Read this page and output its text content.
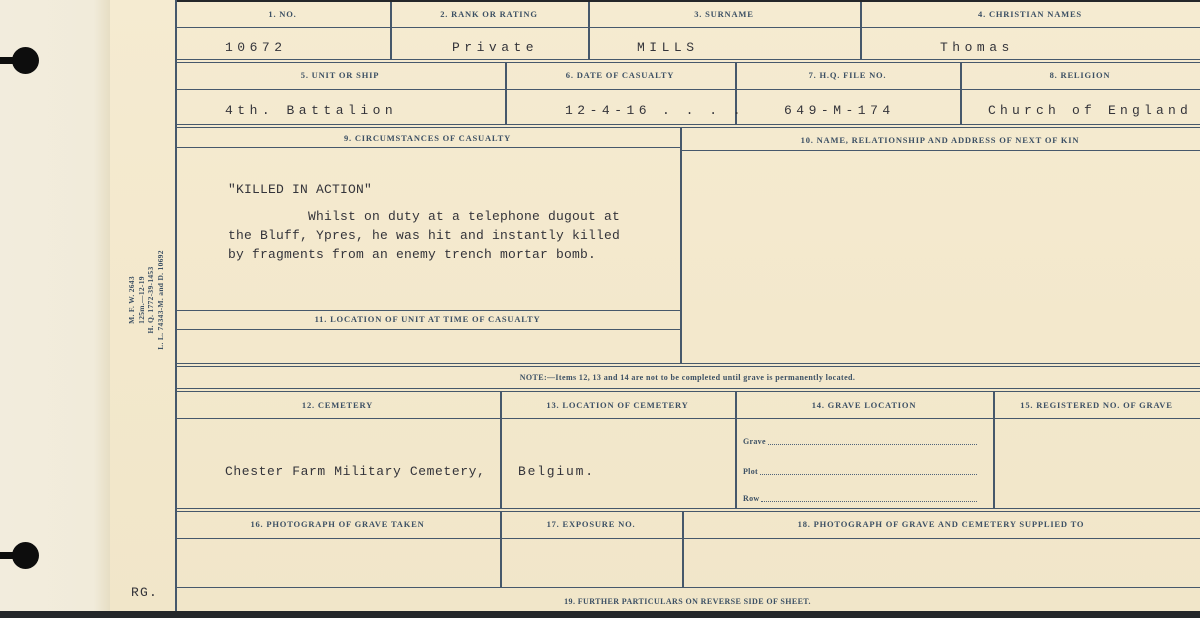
M. F. W. 2643 125m.—12-19 H. Q. 1772-39-1453 L. L. 74343-M. and D. 10692
RG.
1. NO.	2. RANK OR RATING	3. SURNAME	4. CHRISTIAN NAMES
10672	Private	MILLS	Thomas
5. UNIT OR SHIP	6. DATE OF CASUALTY	7. H.Q. FILE NO.	8. RELIGION
4th. Battalion	12-4-16 . . . .	649-M-174	Church of England
9. CIRCUMSTANCES OF CASUALTY
"KILLED IN ACTION"
Whilst on duty at a telephone dugout at
the Bluff, Ypres, he was hit and instantly killed
by fragments from an enemy trench mortar bomb.
10. NAME, RELATIONSHIP AND ADDRESS OF NEXT OF KIN
11. LOCATION OF UNIT AT TIME OF CASUALTY
NOTE:—Items 12, 13 and 14 are not to be completed until grave is permanently located.
12. CEMETERY	13. LOCATION OF CEMETERY	14. GRAVE LOCATION	15. REGISTERED NO. OF GRAVE
Chester Farm Military Cemetery,	Belgium.
Grave
Plot
Row
16. PHOTOGRAPH OF GRAVE TAKEN	17. EXPOSURE NO.	18. PHOTOGRAPH OF GRAVE AND CEMETERY SUPPLIED TO
19. FURTHER PARTICULARS ON REVERSE SIDE OF SHEET.
